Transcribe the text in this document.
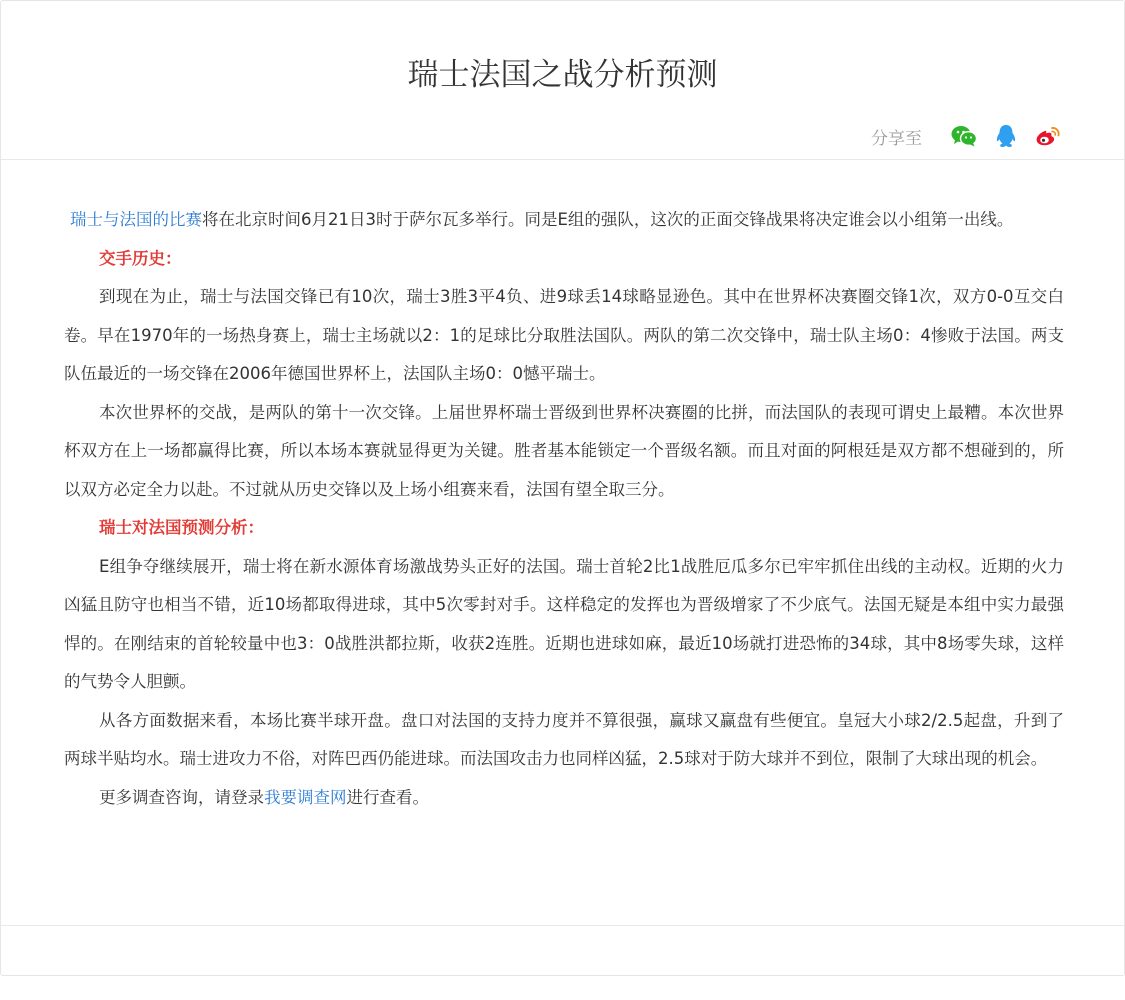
瑞士法国之战分析预测
分享至

瑞士与法国的比赛将在北京时间6月21日3时于萨尔瓦多举行。同是E组的强队，这次的正面交锋战果将决定谁会以小组第一出线。

交手历史：

到现在为止，瑞士与法国交锋已有10次，瑞士3胜3平4负、进9球丢14球略显逊色。其中在世界杯决赛圈交锋1次，双方0-0互交白卷。早在1970年的一场热身赛上，瑞士主场就以2：1的足球比分取胜法国队。两队的第二次交锋中，瑞士队主场0：4惨败于法国。两支队伍最近的一场交锋在2006年德国世界杯上，法国队主场0：0憾平瑞士。

本次世界杯的交战，是两队的第十一次交锋。上届世界杯瑞士晋级到世界杯决赛圈的比拼，而法国队的表现可谓史上最糟。本次世界杯双方在上一场都赢得比赛，所以本场本赛就显得更为关键。胜者基本能锁定一个晋级名额。而且对面的阿根廷是双方都不想碰到的，所以双方必定全力以赴。不过就从历史交锋以及上场小组赛来看，法国有望全取三分。

瑞士对法国预测分析：

E组争夺继续展开，瑞士将在新水源体育场激战势头正好的法国。瑞士首轮2比1战胜厄瓜多尔已牢牢抓住出线的主动权。近期的火力凶猛且防守也相当不错，近10场都取得进球，其中5次零封对手。这样稳定的发挥也为晋级增家了不少底气。法国无疑是本组中实力最强悍的。在刚结束的首轮较量中也3：0战胜洪都拉斯，收获2连胜。近期也进球如麻，最近10场就打进恐怖的34球，其中8场零失球，这样的气势令人胆颤。

从各方面数据来看，本场比赛半球开盘。盘口对法国的支持力度并不算很强，赢球又赢盘有些便宜。皇冠大小球2/2.5起盘，升到了两球半贴均水。瑞士进攻力不俗，对阵巴西仍能进球。而法国攻击力也同样凶猛，2.5球对于防大球并不到位，限制了大球出现的机会。

更多调查咨询，请登录我要调查网进行查看。
